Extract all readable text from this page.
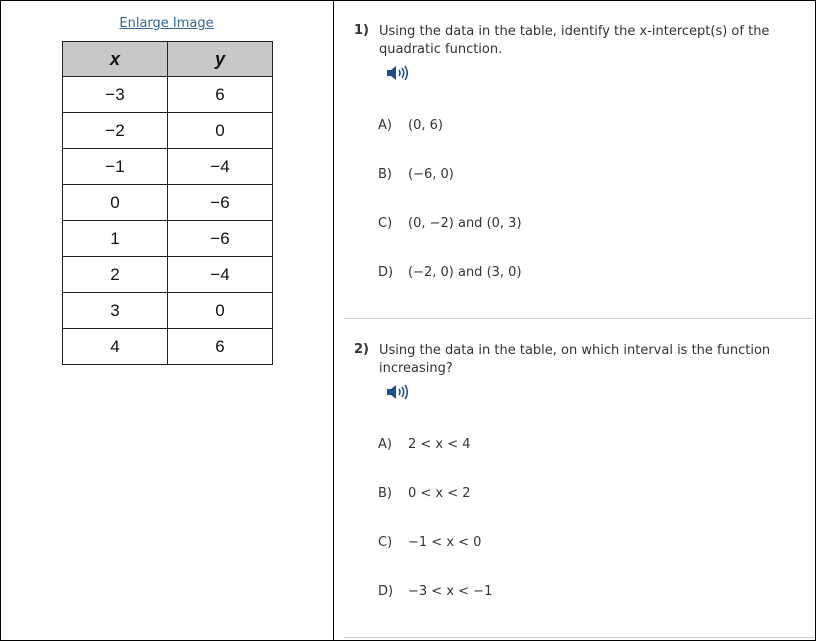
Enlarge Image
x	y
−3	6
−2	0
−1	−4
0	−6
1	−6
2	−4
3	0
4	6
1) Using the data in the table, identify the x-intercept(s) of the quadratic function.
A) (0, 6)
B) (−6, 0)
C) (0, −2) and (0, 3)
D) (−2, 0) and (3, 0)
2) Using the data in the table, on which interval is the function increasing?
A) 2 < x < 4
B) 0 < x < 2
C) −1 < x < 0
D) −3 < x < −1
